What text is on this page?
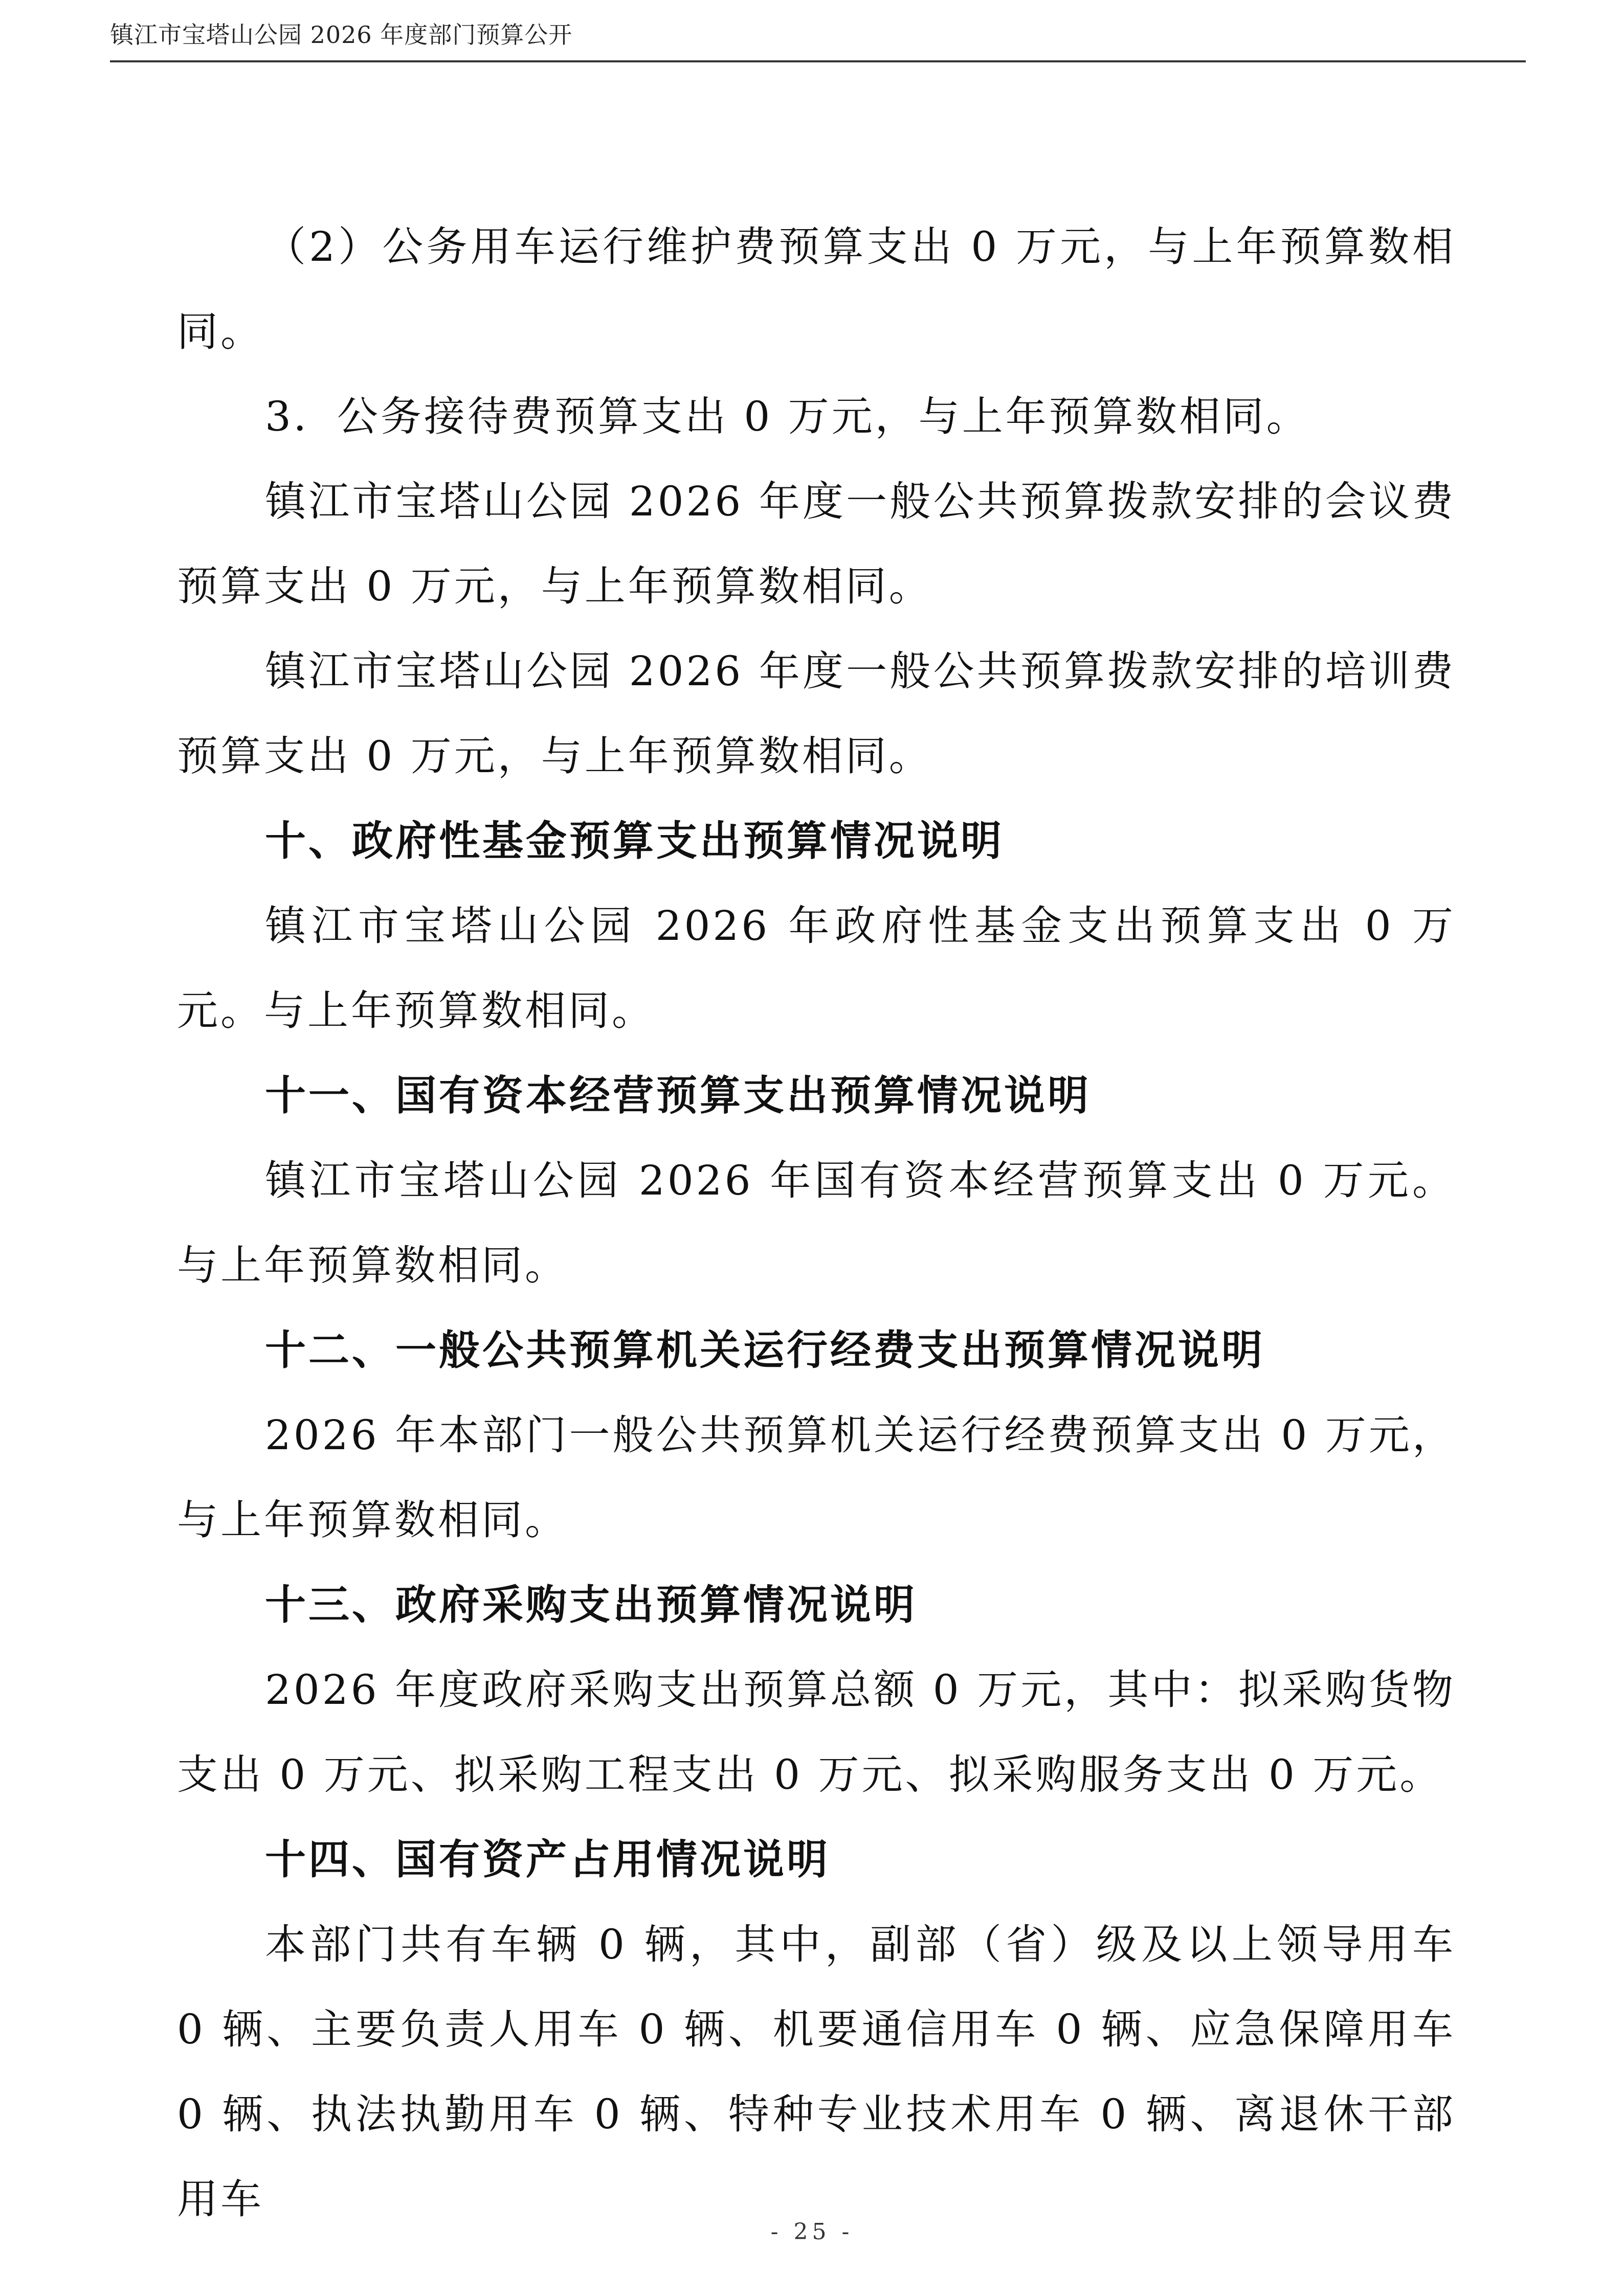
镇江市宝塔山公园 2026 年度部门预算公开

（2）公务用车运行维护费预算支出 0 万元，与上年预算数相同。

3．公务接待费预算支出 0 万元，与上年预算数相同。

镇江市宝塔山公园 2026 年度一般公共预算拨款安排的会议费预算支出 0 万元，与上年预算数相同。

镇江市宝塔山公园 2026 年度一般公共预算拨款安排的培训费预算支出 0 万元，与上年预算数相同。

十、政府性基金预算支出预算情况说明

镇江市宝塔山公园 2026 年政府性基金支出预算支出 0 万元。与上年预算数相同。

十一、国有资本经营预算支出预算情况说明

镇江市宝塔山公园 2026 年国有资本经营预算支出 0 万元。与上年预算数相同。

十二、一般公共预算机关运行经费支出预算情况说明

2026 年本部门一般公共预算机关运行经费预算支出 0 万元，与上年预算数相同。

十三、政府采购支出预算情况说明

2026 年度政府采购支出预算总额 0 万元，其中：拟采购货物支出 0 万元、拟采购工程支出 0 万元、拟采购服务支出 0 万元。

十四、国有资产占用情况说明

本部门共有车辆 0 辆，其中，副部（省）级及以上领导用车 0 辆、主要负责人用车 0 辆、机要通信用车 0 辆、应急保障用车 0 辆、执法执勤用车 0 辆、特种专业技术用车 0 辆、离退休干部用车

- 25 -
